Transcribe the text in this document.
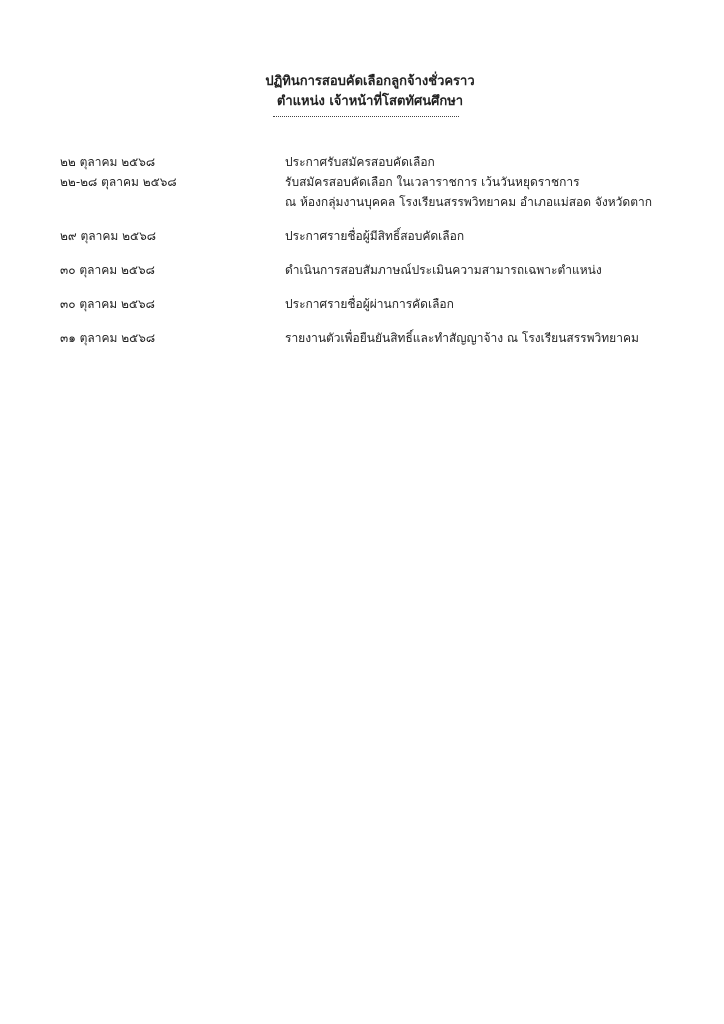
ปฏิทินการสอบคัดเลือกลูกจ้างชั่วคราว
ตำแหน่ง เจ้าหน้าที่โสตทัศนศึกษา
๒๒ ตุลาคม ๒๕๖๘	ประกาศรับสมัครสอบคัดเลือก
๒๒-๒๘ ตุลาคม ๒๕๖๘	รับสมัครสอบคัดเลือก ในเวลาราชการ เว้นวันหยุดราชการ
ณ ห้องกลุ่มงานบุคคล โรงเรียนสรรพวิทยาคม อำเภอแม่สอด จังหวัดตาก
๒๙ ตุลาคม ๒๕๖๘	ประกาศรายชื่อผู้มีสิทธิ์สอบคัดเลือก
๓๐ ตุลาคม ๒๕๖๘	ดำเนินการสอบสัมภาษณ์ประเมินความสามารถเฉพาะตำแหน่ง
๓๐ ตุลาคม ๒๕๖๘	ประกาศรายชื่อผู้ผ่านการคัดเลือก
๓๑ ตุลาคม ๒๕๖๘	รายงานตัวเพื่อยืนยันสิทธิ์และทำสัญญาจ้าง ณ โรงเรียนสรรพวิทยาคม
